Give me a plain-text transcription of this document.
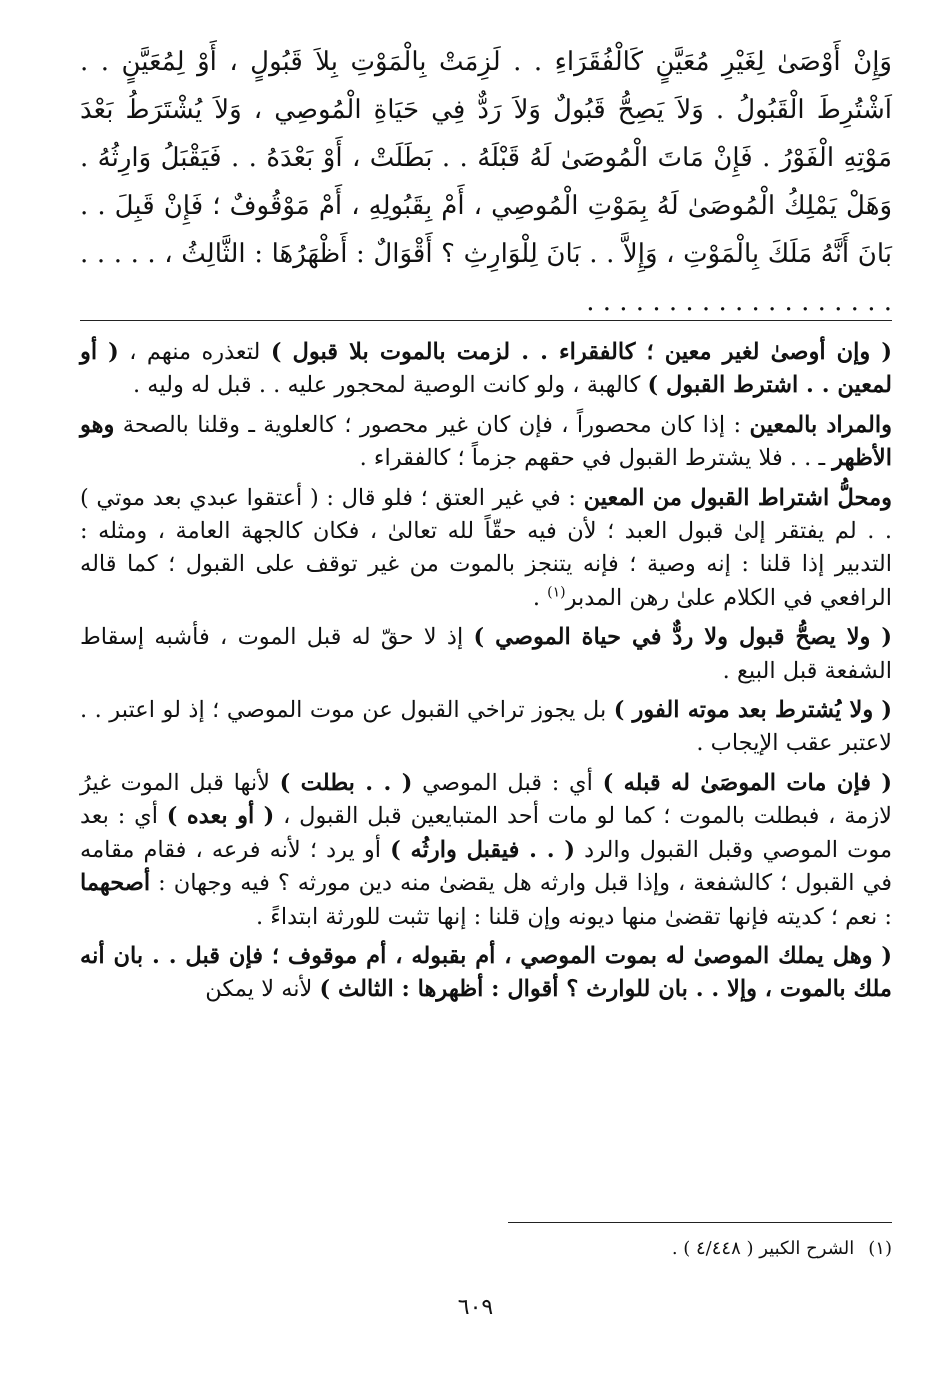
وَإِنْ أَوْصَىٰ لِغَيْرِ مُعَيَّنٍ كَالْفُقَرَاءِ . . لَزِمَتْ بِالْمَوْتِ بِلاَ قَبُولٍ ، أَوْ لِمُعَيَّنٍ . . اَشْتُرِطَ الْقَبُولُ . وَلاَ يَصِحُّ قَبُولٌ وَلاَ رَدٌّ فِي حَيَاةِ الْمُوصِي ، وَلاَ يُشْتَرَطُ بَعْدَ مَوْتِهِ الْفَوْرُ . فَإِنْ مَاتَ الْمُوصَىٰ لَهُ قَبْلَهُ . . بَطَلَتْ ، أَوْ بَعْدَهُ . . فَيَقْبَلُ وَارِثُهُ . وَهَلْ يَمْلِكُ الْمُوصَىٰ لَهُ بِمَوْتِ الْمُوصِي ، أَمْ بِقَبُولِهِ ، أَمْ مَوْقُوفٌ ؛ فَإِنْ قَبِلَ . . بَانَ أَنَّهُ مَلَكَ بِالْمَوْتِ ، وَإِلاَّ . . بَانَ لِلْوَارِثِ ؟ أَقْوَالٌ : أَظْهَرُهَا : الثَّالِثُ ، . . . . . . . . . . . . . . . . . . . . . . . .

( وإن أوصىٰ لغير معين ؛ كالفقراء . . لزمت بالموت بلا قبول ) لتعذره منهم ، ( أو لمعين . . اشترط القبول ) كالهبة ، ولو كانت الوصية لمحجور عليه . . قبل له وليه .

والمراد بالمعين : إذا كان محصوراً ، فإن كان غير محصور ؛ كالعلوية ـ وقلنا بالصحة وهو الأظهر ـ . . فلا يشترط القبول في حقهم جزماً ؛ كالفقراء .

ومحلُّ اشتراط القبول من المعين : في غير العتق ؛ فلو قال : ( أعتقوا عبدي بعد موتي ) . . لم يفتقر إلىٰ قبول العبد ؛ لأن فيه حقّاً لله تعالىٰ ، فكان كالجهة العامة ، ومثله : التدبير إذا قلنا : إنه وصية ؛ فإنه يتنجز بالموت من غير توقف على القبول ؛ كما قاله الرافعي في الكلام علىٰ رهن المدبر$^{(١)}$ .

( ولا يصحُّ قبول ولا ردٌّ في حياة الموصي ) إذ لا حقّ له قبل الموت ، فأشبه إسقاط الشفعة قبل البيع .

( ولا يُشترط بعد موته الفور ) بل يجوز تراخي القبول عن موت الموصي ؛ إذ لو اعتبر . . لاعتبر عقب الإيجاب .

( فإن مات الموصَىٰ له قبله ) أي : قبل الموصي ( . . بطلت ) لأنها قبل الموت غيرُ لازمة ، فبطلت بالموت ؛ كما لو مات أحد المتبايعين قبل القبول ، ( أو بعده ) أي : بعد موت الموصي وقبل القبول والرد ( . . فيقبل وارثُه ) أو يرد ؛ لأنه فرعه ، فقام مقامه في القبول ؛ كالشفعة ، وإذا قبل وارثه هل يقضىٰ منه دين مورثه ؟ فيه وجهان : أصحهما : نعم ؛ كديته فإنها تقضىٰ منها ديونه وإن قلنا : إنها تثبت للورثة ابتداءً .

( وهل يملك الموصىٰ له بموت الموصي ، أم بقبوله ، أم موقوف ؛ فإن قبل . . بان أنه ملك بالموت ، وإلا . . بان للوارث ؟ أقوال : أظهرها : الثالث ) لأنه لا يمكن

(١)الشرح الكبير ( ٤/٤٤٨ ) .
٦٠٩
